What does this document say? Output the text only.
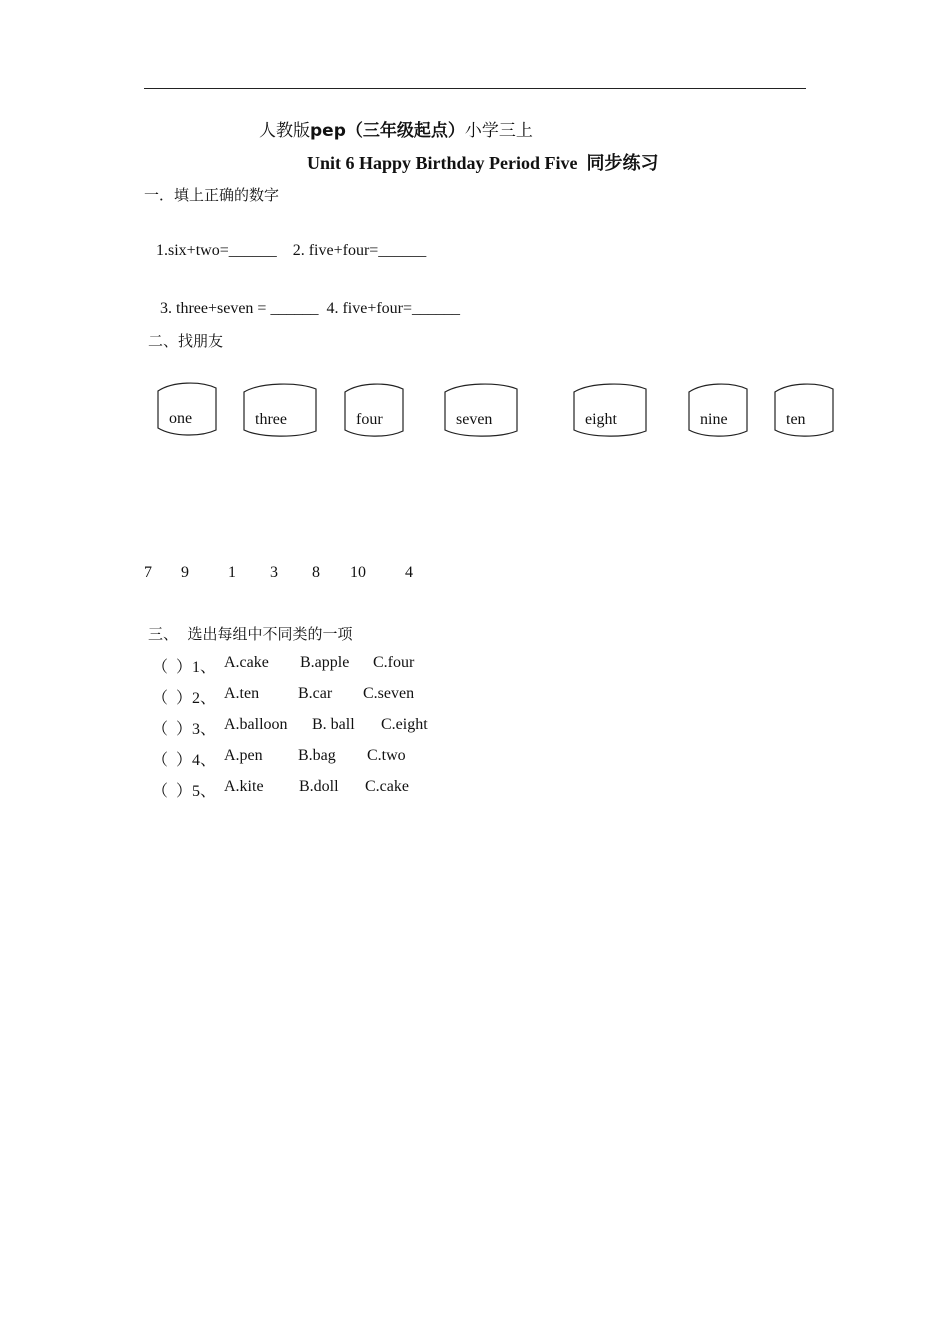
人教版pep（三年级起点）小学三上
Unit 6 Happy Birthday Period Five 同步练习
一．填上正确的数字
1.six+two=______    2. five+four=______
3. three+seven = ______  4. five+four=______
二、找朋友
one	three	four	seven	eight	nine	ten
7 9 1 3 8 10 4
三、  选出每组中不同类的一项
（  ）1、 A.cake B.apple C.four
（  ）2、 A.ten B.car C.seven
（  ）3、 A.balloon B. ball C.eight
（  ）4、 A.pen B.bag C.two
（  ）5、 A.kite B.doll C.cake
